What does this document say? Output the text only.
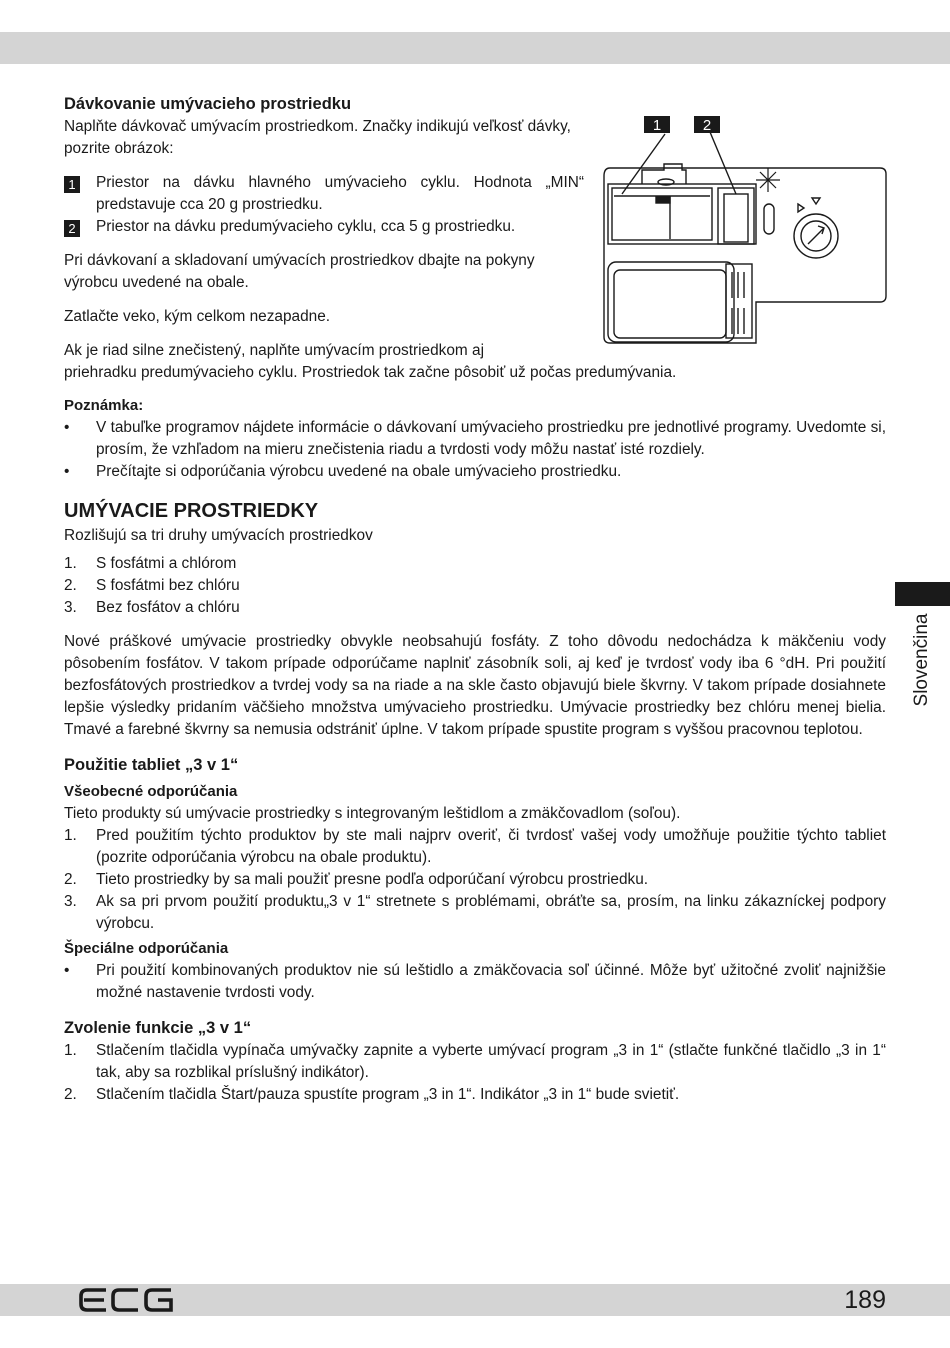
1	2
Dávkovanie umývacieho prostriedku

Naplňte dávkovač umývacím prostriedkom. Značky indikujú veľkosť dávky, pozrite obrázok:

1	Priestor na dávku hlavného umývacieho cyklu. Hodnota „MIN“ predstavuje cca 20 g prostriedku.
2	Priestor na dávku predumývacieho cyklu, cca 5 g prostriedku.

Pri dávkovaní a skladovaní umývacích prostriedkov dbajte na pokyny výrobcu uvedené na obale.

Zatlačte veko, kým celkom nezapadne.

Ak je riad silne znečistený, naplňte umývacím prostriedkom aj

priehradku predumývacieho cyklu. Prostriedok tak začne pôsobiť už počas predumývania.

Poznámka:

•	V tabuľke programov nájdete informácie o dávkovaní umývacieho prostriedku pre jednotlivé programy. Uvedomte si, prosím, že vzhľadom na mieru znečistenia riadu a tvrdosti vody môžu nastať isté rozdiely.
•	Prečítajte si odporúčania výrobcu uvedené na obale umývacieho prostriedku.
UMÝVACIE PROSTRIEDKY

Rozlišujú sa tri druhy umývacích prostriedkov

1.	S fosfátmi a chlórom
2.	S fosfátmi bez chlóru
3.	Bez fosfátov a chlóru

Nové práškové umývacie prostriedky obvykle neobsahujú fosfáty. Z toho dôvodu nedochádza k mäkčeniu vody pôsobením fosfátov. V takom prípade odporúčame naplniť zásobník soli, aj keď je tvrdosť vody iba 6 °dH. Pri použití bezfosfátových prostriedkov a tvrdej vody sa na riade a na skle často objavujú biele škvrny. V takom prípade dosiahnete lepšie výsledky pridaním väčšieho množstva umývacieho prostriedku. Umývacie prostriedky bez chlóru menej bielia. Tmavé a farebné škvrny sa nemusia odstrániť úplne. V takom prípade spustite program s vyššou pracovnou teplotou.

Použitie tabliet „3 v 1“

Všeobecné odporúčania

Tieto produkty sú umývacie prostriedky s integrovaným leštidlom a zmäkčovadlom (soľou).

1.	Pred použitím týchto produktov by ste mali najprv overiť, či tvrdosť vašej vody umožňuje použitie týchto tabliet (pozrite odporúčania výrobcu na obale produktu).
2.	Tieto prostriedky by sa mali použiť presne podľa odporúčaní výrobcu prostriedku.
3.	Ak sa pri prvom použití produktu„3 v 1“ stretnete s problémami, obráťte sa, prosím, na linku zákazníckej podpory výrobcu.

Špeciálne odporúčania

•	Pri použití kombinovaných produktov nie sú leštidlo a zmäkčovacia soľ účinné. Môže byť užitočné zvoliť najnižšie možné nastavenie tvrdosti vody.
Zvolenie funkcie „3 v 1“
1.	Stlačením tlačidla vypínača umývačky zapnite a vyberte umývací program „3 in 1“ (stlačte funkčné tlačidlo „3 in 1“ tak, aby sa rozblikal príslušný indikátor).
2.	Stlačením tlačidla Štart/pauza spustíte program „3 in 1“. Indikátor „3 in 1“ bude svietiť.
Slovenčina
189
